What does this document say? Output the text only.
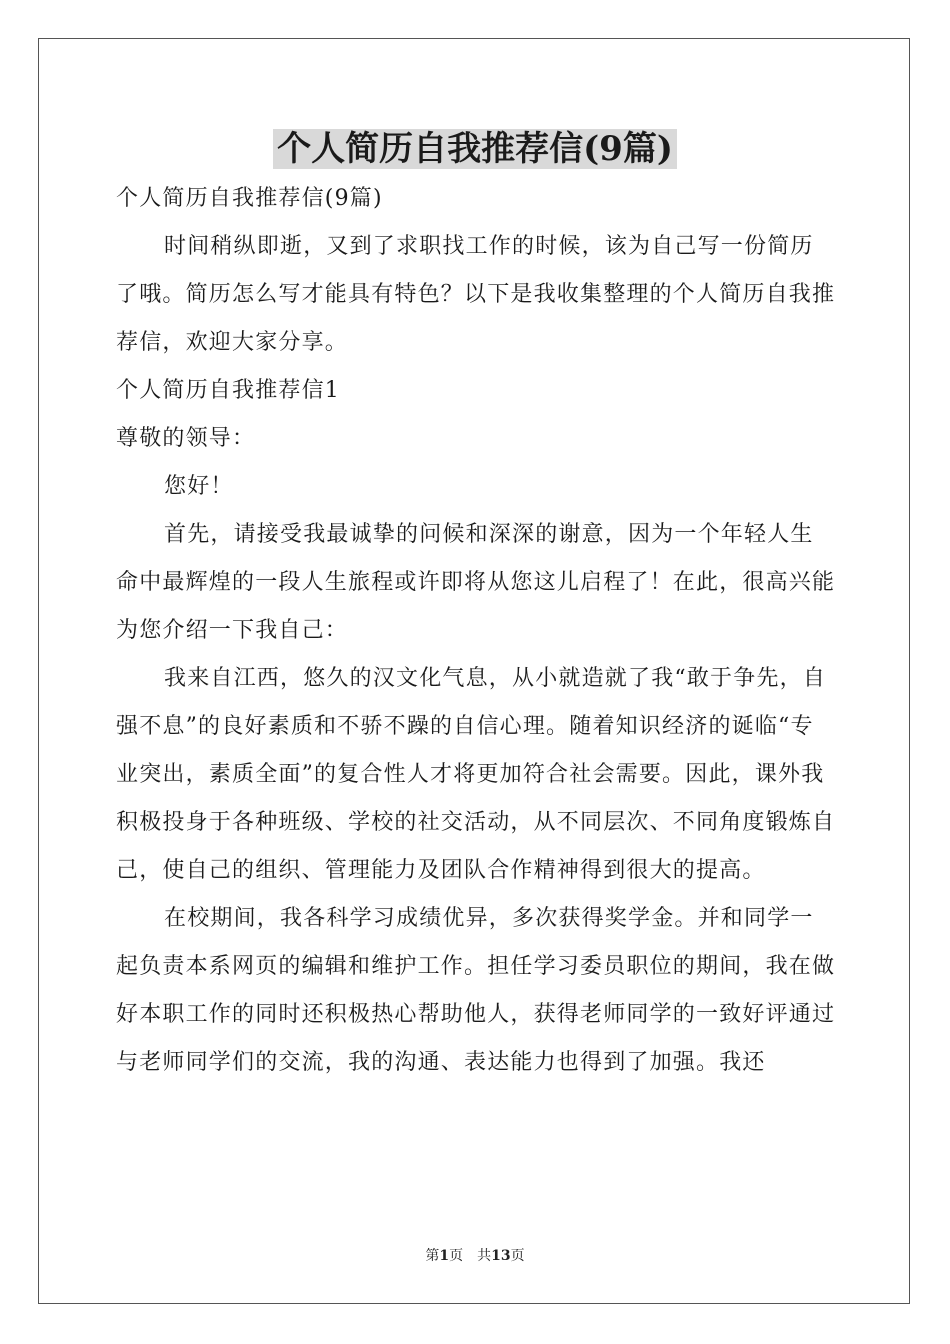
个人简历自我推荐信(9篇)

个人简历自我推荐信(9篇)

时间稍纵即逝，又到了求职找工作的时候，该为自己写一份简历了哦。简历怎么写才能具有特色？以下是我收集整理的个人简历自我推荐信，欢迎大家分享。

个人简历自我推荐信1

尊敬的领导：

您好！

首先，请接受我最诚挚的问候和深深的谢意，因为一个年轻人生命中最辉煌的一段人生旅程或许即将从您这儿启程了！在此，很高兴能为您介绍一下我自己：

我来自江西，悠久的汉文化气息，从小就造就了我“敢于争先，自强不息”的良好素质和不骄不躁的自信心理。随着知识经济的诞临“专业突出，素质全面”的复合性人才将更加符合社会需要。因此，课外我积极投身于各种班级、学校的社交活动，从不同层次、不同角度锻炼自己，使自己的组织、管理能力及团队合作精神得到很大的提高。

在校期间，我各科学习成绩优异，多次获得奖学金。并和同学一起负责本系网页的编辑和维护工作。担任学习委员职位的期间，我在做好本职工作的同时还积极热心帮助他人，获得老师同学的一致好评通过与老师同学们的交流，我的沟通、表达能力也得到了加强。我还

第1页　共13页
